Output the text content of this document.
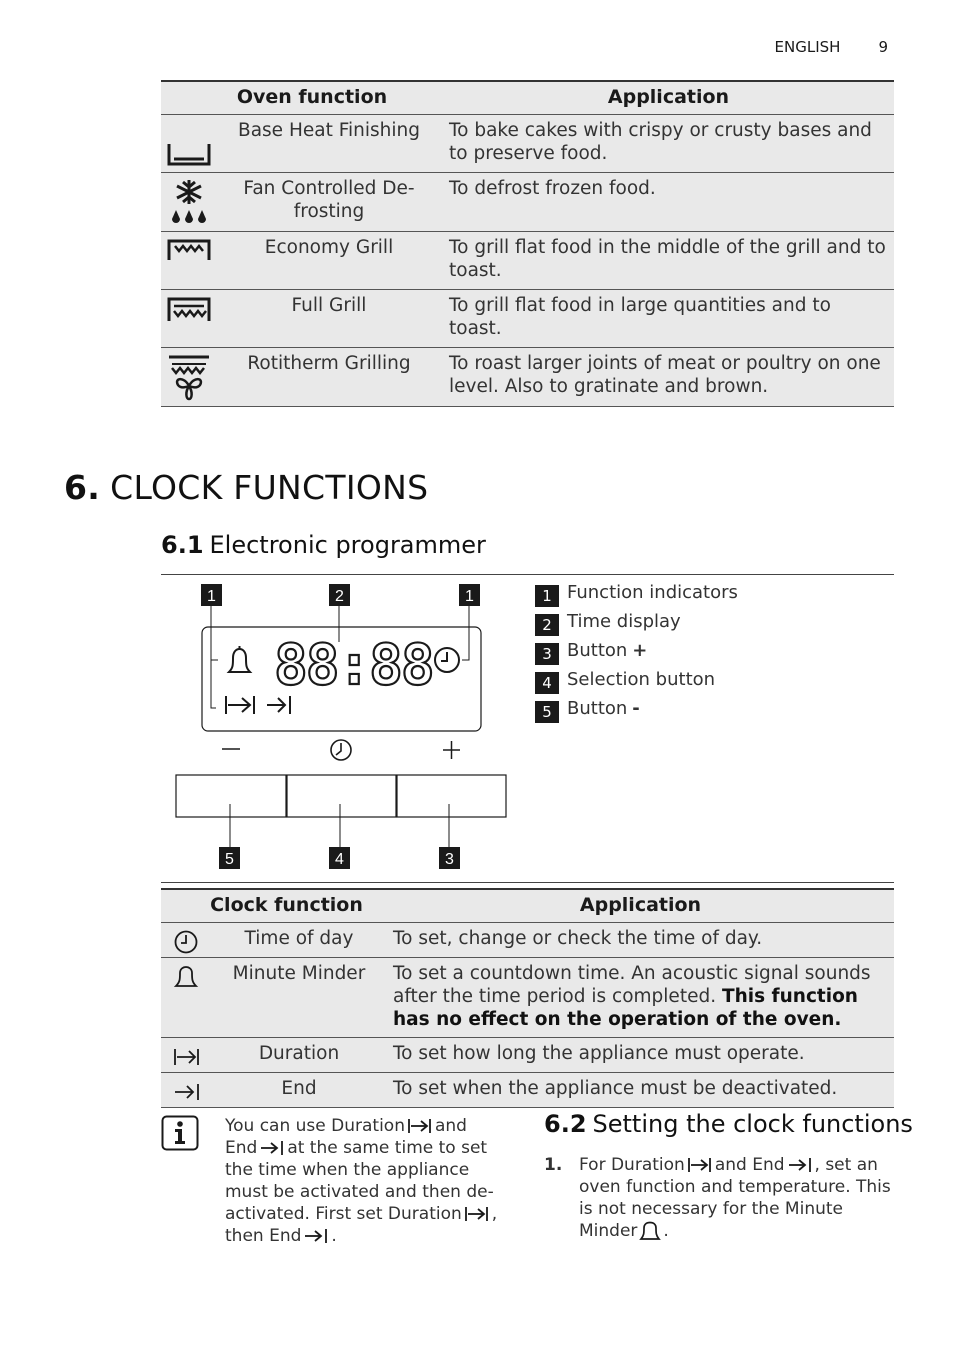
ENGLISH	9
Oven function		Application

	Base Heat Finishing	To bake cakes with crispy or crusty bases and to preserve food.

	Fan Controlled De-frosting	To defrost frozen food.

	Economy Grill	To grill flat food in the middle of the grill and to toast.

	Full Grill	To grill flat food in large quantities and to toast.

	Rotitherm Grilling	To roast larger joints of meat or poultry on one level. Also to gratinate and brown.
6. CLOCK FUNCTIONS
6.1 Electronic programmer
1	2	1
88:88
5	4	3
1 Function indicators
2 Time display
3 Button +
4 Selection button
5 Button -
Clock function		Application

	Time of day	To set, change or check the time of day.

	Minute Minder	To set a countdown time. An acoustic signal sounds after the time period is completed. This function has no effect on the operation of the oven.

	Duration	To set how long the appliance must operate.

	End	To set when the appliance must be deactivated.
You can use Duration and
End at the same time to set
the time when the appliance
must be activated and then de-
activated. First set Duration ,
then End .
6.2 Setting the clock functions
1. For Duration and End , set an
oven function and temperature. This
is not necessary for the Minute
Minder .
